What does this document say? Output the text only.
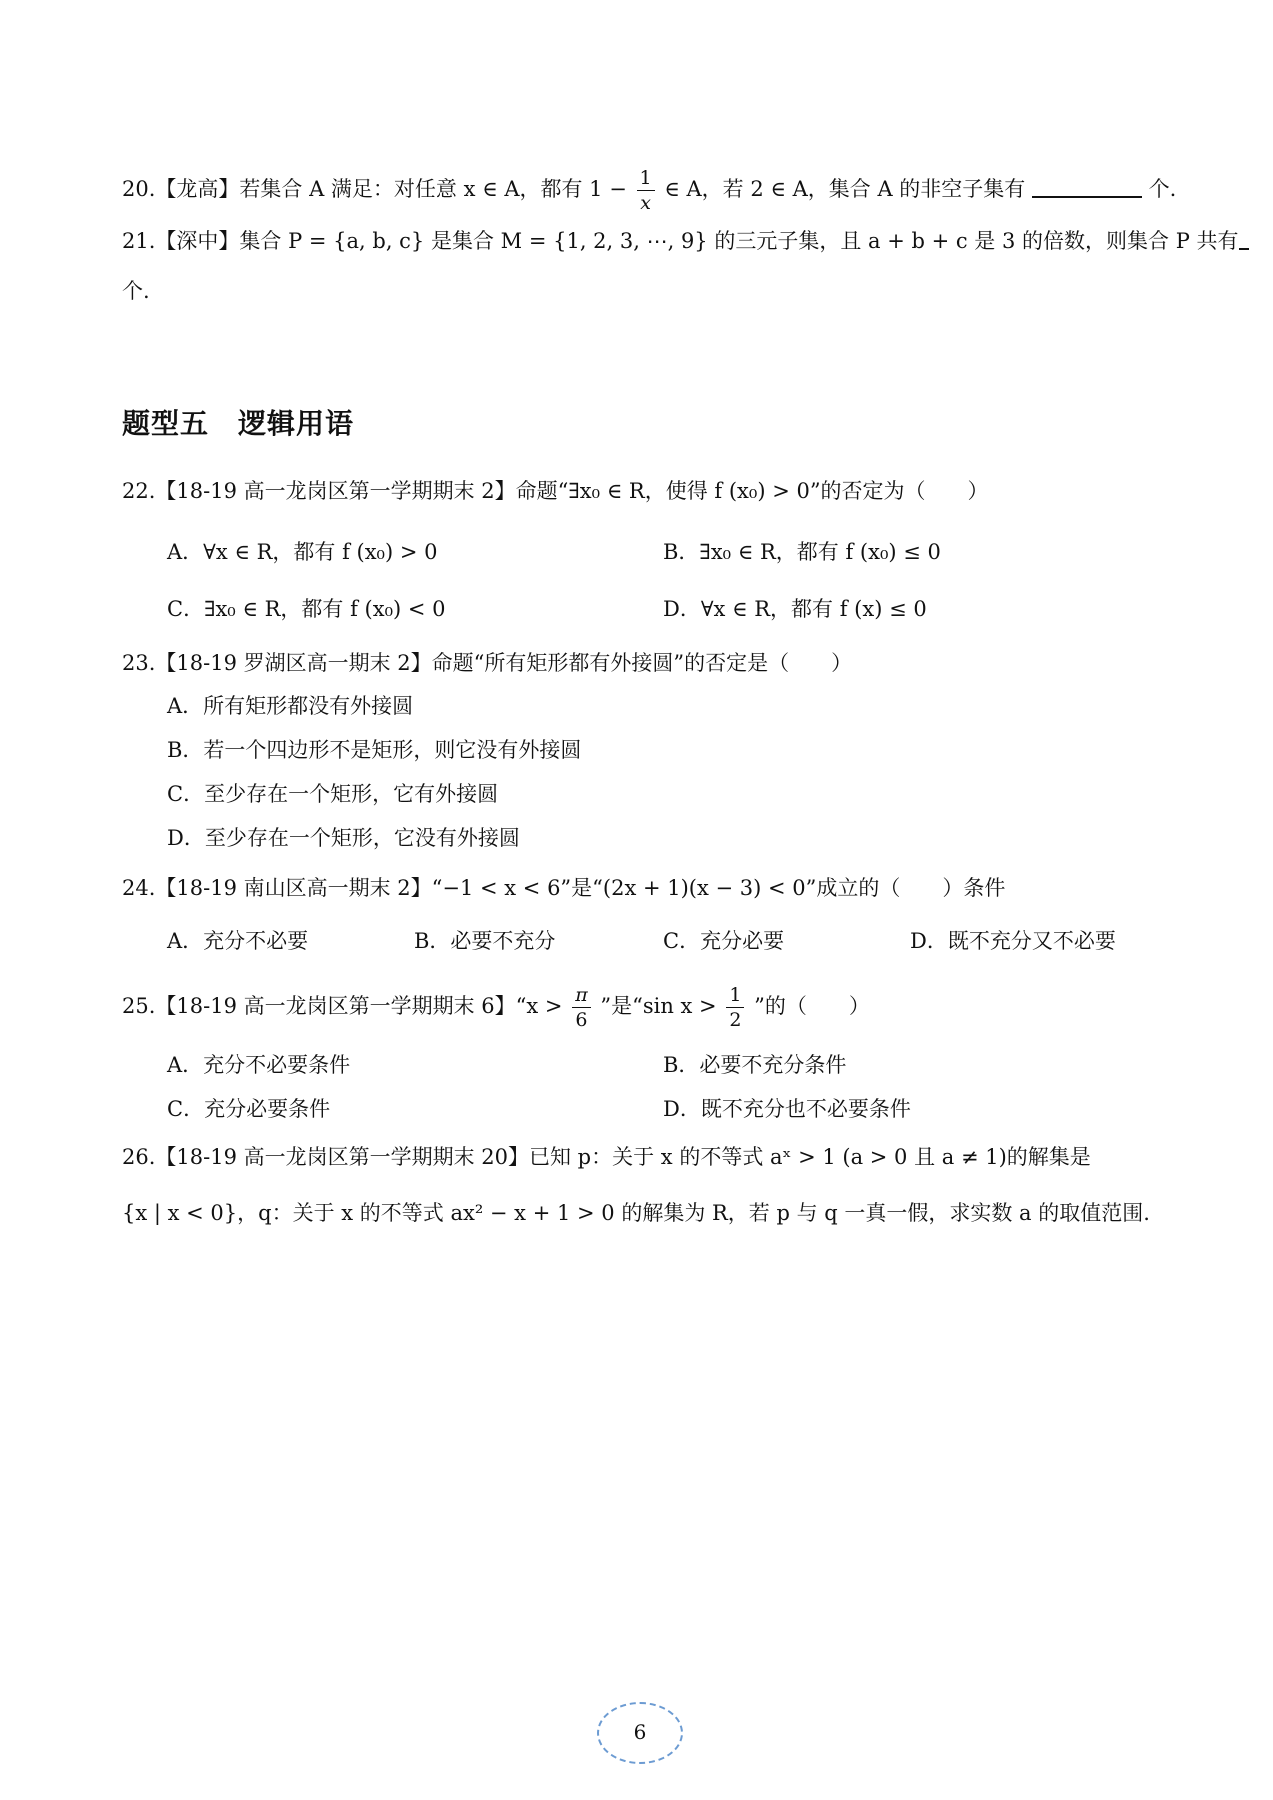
20.【龙高】若集合 A 满足：对任意 x ∈ A，都有 $1 - \frac{1}{x}$ ∈ A，若 2 ∈ A，集合 A 的非空子集有	个.
21.【深中】集合 P = {a, b, c} 是集合 M = {1, 2, 3, ⋯, 9} 的三元子集，且 a + b + c 是 3 的倍数，则集合 P 共有
个.
题型五　逻辑用语
22.【18-19 高一龙岗区第一学期期末 2】命题“∃x₀ ∈ R，使得 f (x₀) > 0”的否定为（　　）
A．∀x ∈ R，都有 f (x₀) > 0	B．∃x₀ ∈ R，都有 f (x₀) ≤ 0
C．∃x₀ ∈ R，都有 f (x₀) < 0	D．∀x ∈ R，都有 f (x) ≤ 0
23.【18-19 罗湖区高一期末 2】命题“所有矩形都有外接圆”的否定是（　　）
A．所有矩形都没有外接圆
B．若一个四边形不是矩形，则它没有外接圆
C．至少存在一个矩形，它有外接圆
D．至少存在一个矩形，它没有外接圆
24.【18-19 南山区高一期末 2】“−1 < x < 6”是“(2x + 1)(x − 3) < 0”成立的（　　）条件
A．充分不必要	B．必要不充分	C．充分必要	D．既不充分又不必要
25.【18-19 高一龙岗区第一学期期末 6】“$x > \frac{\pi}{6}$ ”是“sin $x > \frac{1}{2}$ ”的（　　）
A．充分不必要条件	B．必要不充分条件
C．充分必要条件	D．既不充分也不必要条件
26.【18-19 高一龙岗区第一学期期末 20】已知 p：关于 x 的不等式 aˣ > 1 (a > 0 且 a ≠ 1)的解集是
{x | x < 0}，q：关于 x 的不等式 ax² − x + 1 > 0 的解集为 R，若 p 与 q 一真一假，求实数 a 的取值范围.
6
